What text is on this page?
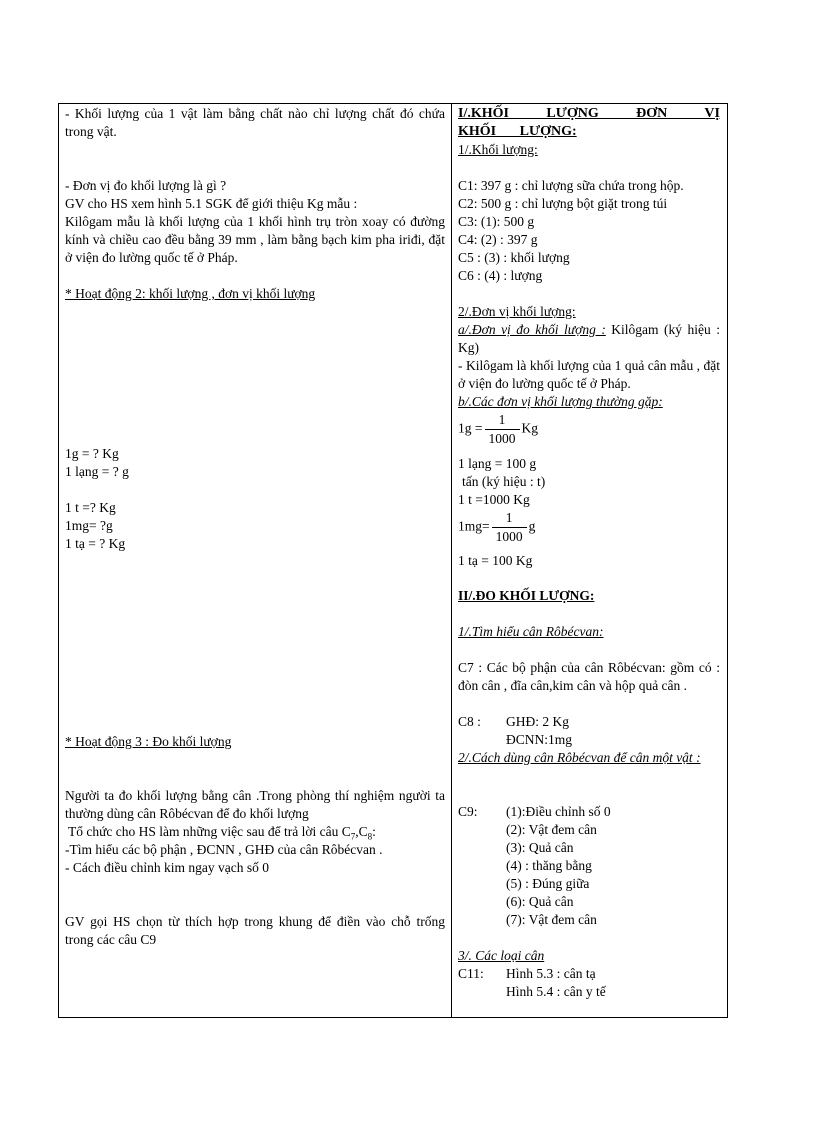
- Khối lượng của 1 vật làm bằng chất nào chỉ lượng chất đó chứa trong vật.

- Đơn vị đo khối lượng là gì ?

GV cho HS xem hình 5.1 SGK để giới thiệu Kg mẫu :

Kilôgam mẫu là khối lượng của 1 khối hình trụ tròn xoay có đường kính và chiều cao đều bằng 39 mm , làm bằng bạch kim pha iriđi, đặt ở viện đo lường quốc tế ở Pháp.

* Hoạt động 2: khối lượng , đơn vị khối lượng

1g = ? Kg

1 lạng = ? g

1 t =? Kg

1mg= ?g

1 tạ = ? Kg

* Hoạt động 3 : Đo khối lượng

Người ta đo khối lượng bằng cân .Trong phòng thí nghiệm người ta thường dùng cân Rôbécvan để đo khối lượng

Tổ chức cho HS làm những việc sau để trả lời câu $C_7,C_8$:

-Tìm hiểu các bộ phận , ĐCNN , GHĐ của cân Rôbécvan .

- Cách điều chỉnh kim ngay vạch số 0

GV gọi HS chọn từ thích hợp trong khung để điền vào chỗ trống trong các câu C9

I/.KHỐI LƯỢNG ĐƠN VỊ KHỐI LƯỢNG:

1/.Khối lượng:

C1: 397 g : chỉ lượng sữa chứa trong hộp.

C2: 500 g : chỉ lượng bột giặt trong túi

C3: (1): 500 g

C4: (2) : 397 g

C5 : (3) : khối lượng

C6 : (4) : lượng

2/.Đơn vị khối lượng:

a/.Đơn vị đo khối lượng : Kilôgam (ký hiệu : Kg)

- Kilôgam là khối lượng của 1 quả cân mẫu , đặt ở viện đo lường quốc tế ở Pháp.

b/.Các đơn vị khối lượng thường gặp:

$1g = \frac{1}{1000}$ Kg

1 lạng = 100 g

tấn (ký hiệu : t)

1 t =1000 Kg

$1mg= \frac{1}{1000}$ g

1 tạ = 100 Kg

II/.ĐO KHỐI LƯỢNG:

1/.Tìm hiểu cân Rôbécvan:

C7 : Các bộ phận của cân Rôbécvan: gồm có : đòn cân , đĩa cân,kim cân và hộp quả cân .

C8 : GHĐ: 2 Kg

ĐCNN:1mg

2/.Cách dùng cân Rôbécvan để cân một vật :

C9: (1):Điều chỉnh số 0

(2): Vật đem cân

(3): Quả cân

(4) : thăng bằng

(5) : Đúng giữa

(6): Quả cân

(7): Vật đem cân

3/. Các loại cân

C11: Hình 5.3 : cân tạ

Hình 5.4 : cân y tế
